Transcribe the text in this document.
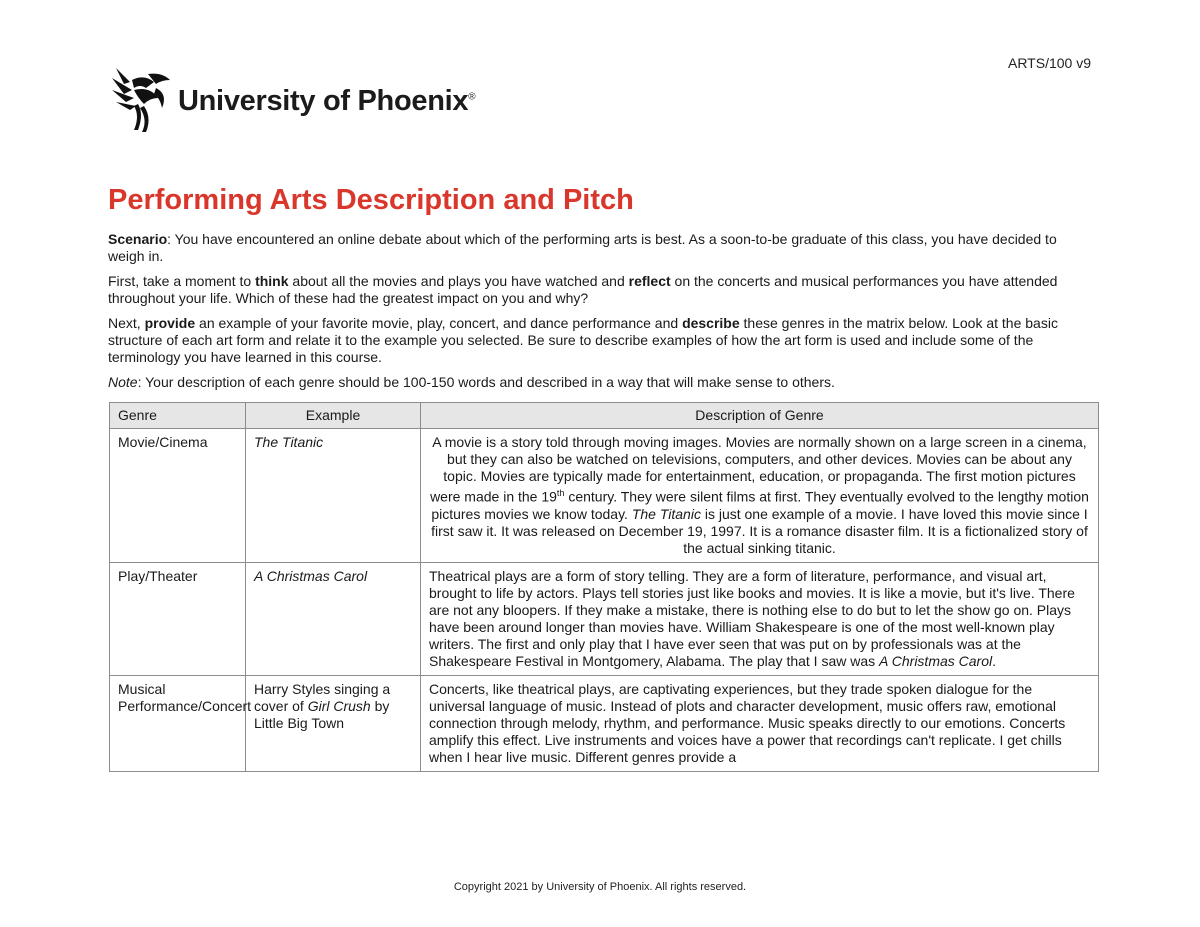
ARTS/100 v9
University of Phoenix®
Performing Arts Description and Pitch

Scenario: You have encountered an online debate about which of the performing arts is best. As a soon-to-be graduate of this class, you have decided to weigh in.

First, take a moment to think about all the movies and plays you have watched and reflect on the concerts and musical performances you have attended throughout your life. Which of these had the greatest impact on you and why?

Next, provide an example of your favorite movie, play, concert, and dance performance and describe these genres in the matrix below. Look at the basic structure of each art form and relate it to the example you selected. Be sure to describe examples of how the art form is used and include some of the terminology you have learned in this course.

Note: Your description of each genre should be 100-150 words and described in a way that will make sense to others.

Genre	Example	Description of Genre
Movie/Cinema	The Titanic	A movie is a story told through moving images. Movies are normally shown on a large screen in a cinema, but they can also be watched on televisions, computers, and other devices. Movies can be about any topic. Movies are typically made for entertainment, education, or propaganda. The first motion pictures were made in the 19th century. They were silent films at first. They eventually evolved to the lengthy motion pictures movies we know today. The Titanic is just one example of a movie. I have loved this movie since I first saw it. It was released on December 19, 1997. It is a romance disaster film. It is a fictionalized story of the actual sinking titanic.
Play/Theater	A Christmas Carol	Theatrical plays are a form of story telling. They are a form of literature, performance, and visual art, brought to life by actors. Plays tell stories just like books and movies. It is like a movie, but it's live. There are not any bloopers. If they make a mistake, there is nothing else to do but to let the show go on. Plays have been around longer than movies have. William Shakespeare is one of the most well-known play writers. The first and only play that I have ever seen that was put on by professionals was at the Shakespeare Festival in Montgomery, Alabama. The play that I saw was A Christmas Carol.
Musical Performance/Concert	Harry Styles singing a cover of Girl Crush by Little Big Town	Concerts, like theatrical plays, are captivating experiences, but they trade spoken dialogue for the universal language of music. Instead of plots and character development, music offers raw, emotional connection through melody, rhythm, and performance. Music speaks directly to our emotions. Concerts amplify this effect. Live instruments and voices have a power that recordings can't replicate. I get chills when I hear live music. Different genres provide a
Copyright 2021 by University of Phoenix. All rights reserved.
